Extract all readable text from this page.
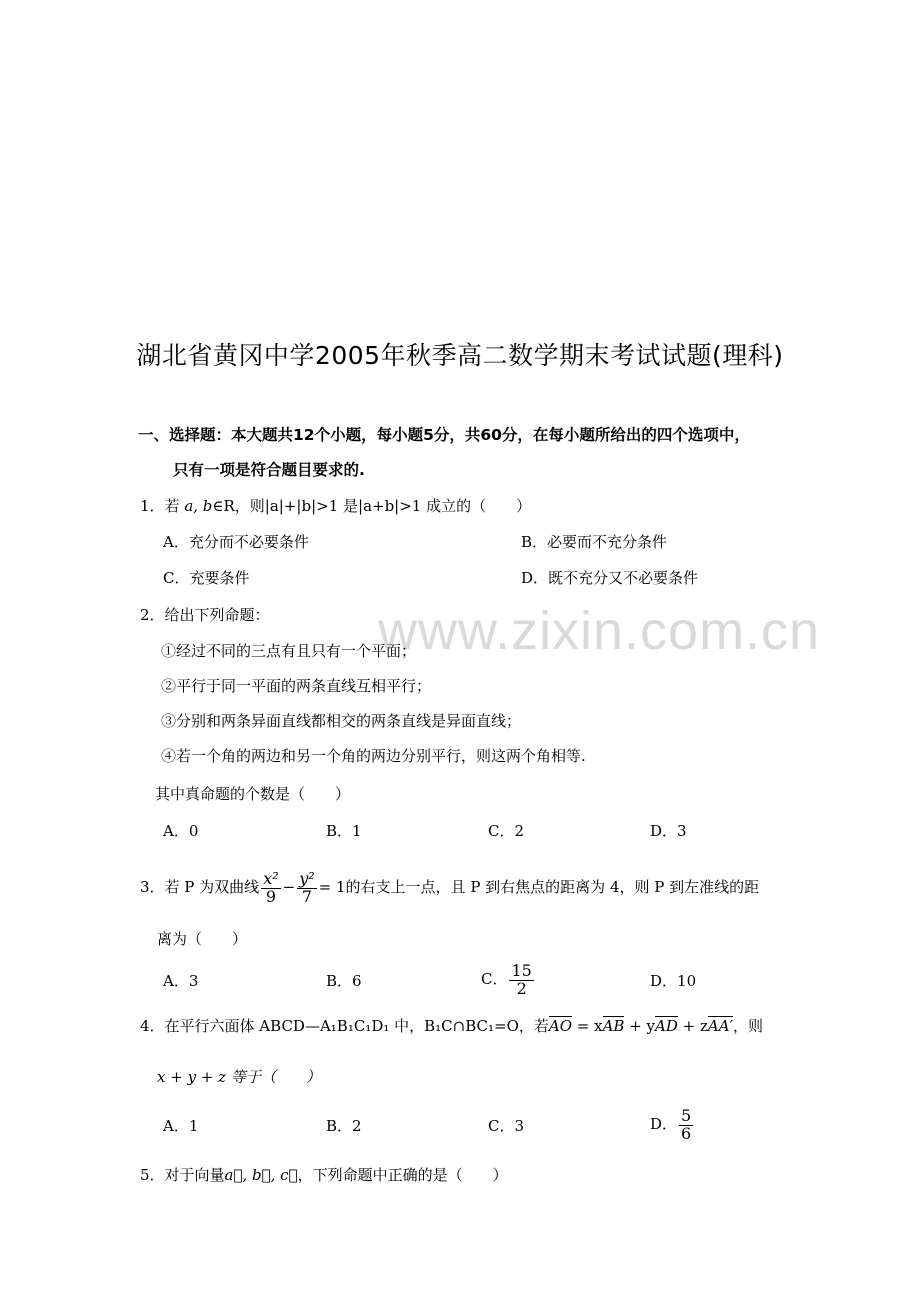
湖北省黄冈中学2005年秋季高二数学期末考试试题(理科)
一、选择题：本大题共12个小题，每小题5分，共60分，在每小题所给出的四个选项中，
只有一项是符合题目要求的.
www.zixin.com.cn
1．若 a, b∈R，则|a|+|b|>1 是|a+b|>1 成立的（　　）
A．充分而不必要条件	B．必要而不充分条件
C．充要条件	D．既不充分又不必要条件
2．给出下列命题：
①经过不同的三点有且只有一个平面；
②平行于同一平面的两条直线互相平行；
③分别和两条异面直线都相交的两条直线是异面直线；
④若一个角的两边和另一个角的两边分别平行，则这两个角相等.
其中真命题的个数是（　　）
A．0	B．1	C．2	D．3
3．若 P 为双曲线 $\frac{\text{x²}}{9} - \frac{\text{y²}}{7} = 1$的右支上一点，且 P 到右焦点的距离为 4，则 P 到左准线的距
离为（　　）
A．3	B．6	C． $\frac{15}{2}$	D．10
4．在平行六面体 ABCD—A₁B₁C₁D₁ 中，B₁C∩BC₁=O，若AO = xAB + yAD + zAA′，则
x + y + z 等于（　　）
A．1	B．2	C．3	D． $\frac{5}{6}$
5．对于向量a⃗, b⃗, c⃗，下列命题中正确的是（　　）
